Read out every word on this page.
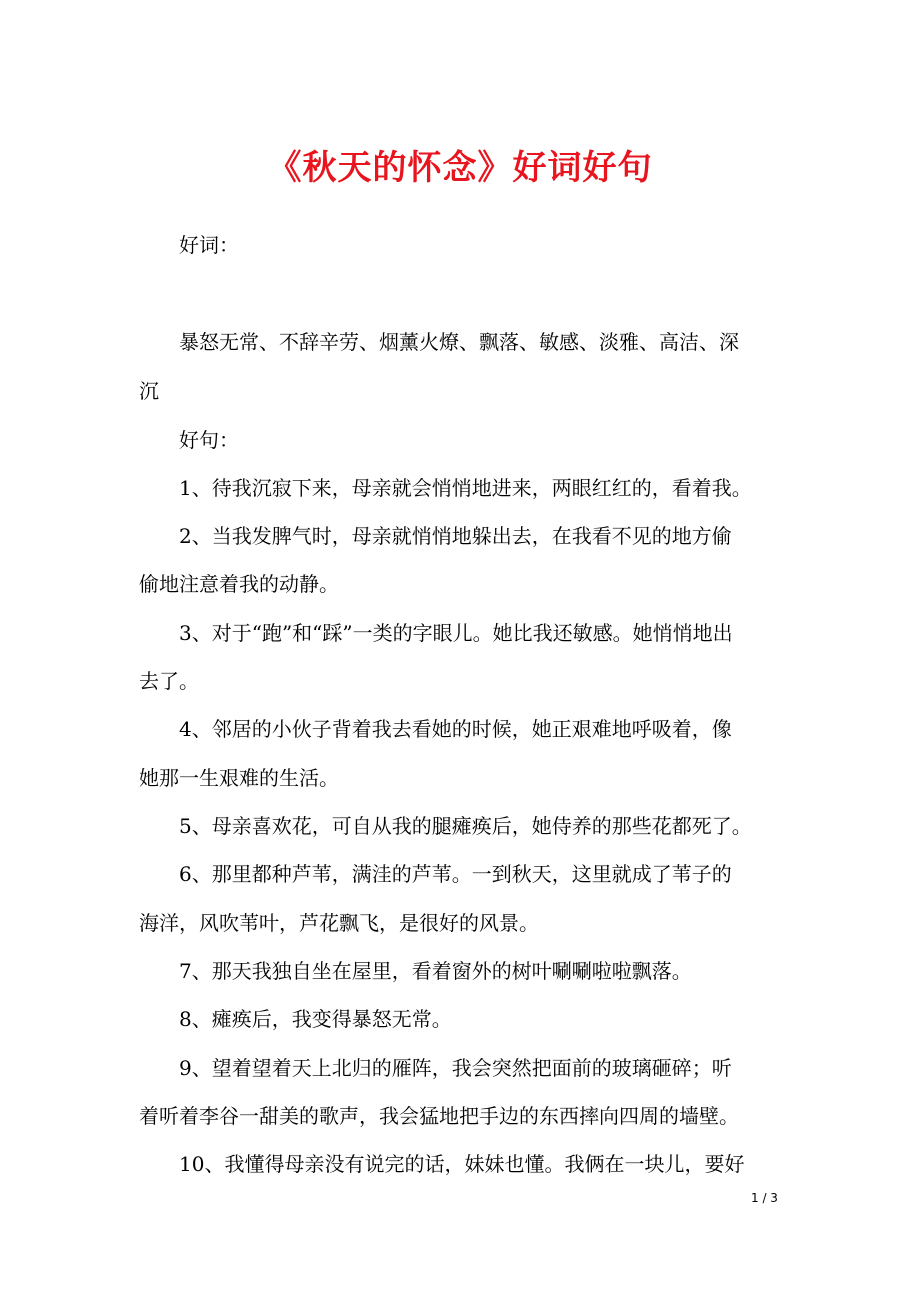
《秋天的怀念》好词好句
　　好词：
　　暴怒无常、不辞辛劳、烟薰火燎、飘落、敏感、淡雅、高洁、深
沉
　　好句：
　　1、待我沉寂下来，母亲就会悄悄地进来，两眼红红的，看着我。
　　2、当我发脾气时，母亲就悄悄地躲出去，在我看不见的地方偷
偷地注意着我的动静。
　　3、对于“跑”和“踩”一类的字眼儿。她比我还敏感。她悄悄地出
去了。
　　4、邻居的小伙子背着我去看她的时候，她正艰难地呼吸着，像
她那一生艰难的生活。
　　5、母亲喜欢花，可自从我的腿瘫痪后，她侍养的那些花都死了。
　　6、那里都种芦苇，满洼的芦苇。一到秋天，这里就成了苇子的
海洋，风吹苇叶，芦花飘飞，是很好的风景。
　　7、那天我独自坐在屋里，看着窗外的树叶唰唰啦啦飘落。
　　8、瘫痪后，我变得暴怒无常。
　　9、望着望着天上北归的雁阵，我会突然把面前的玻璃砸碎；听
着听着李谷一甜美的歌声，我会猛地把手边的东西摔向四周的墙壁。
　　10、我懂得母亲没有说完的话，妹妹也懂。我俩在一块儿，要好
1 / 3
